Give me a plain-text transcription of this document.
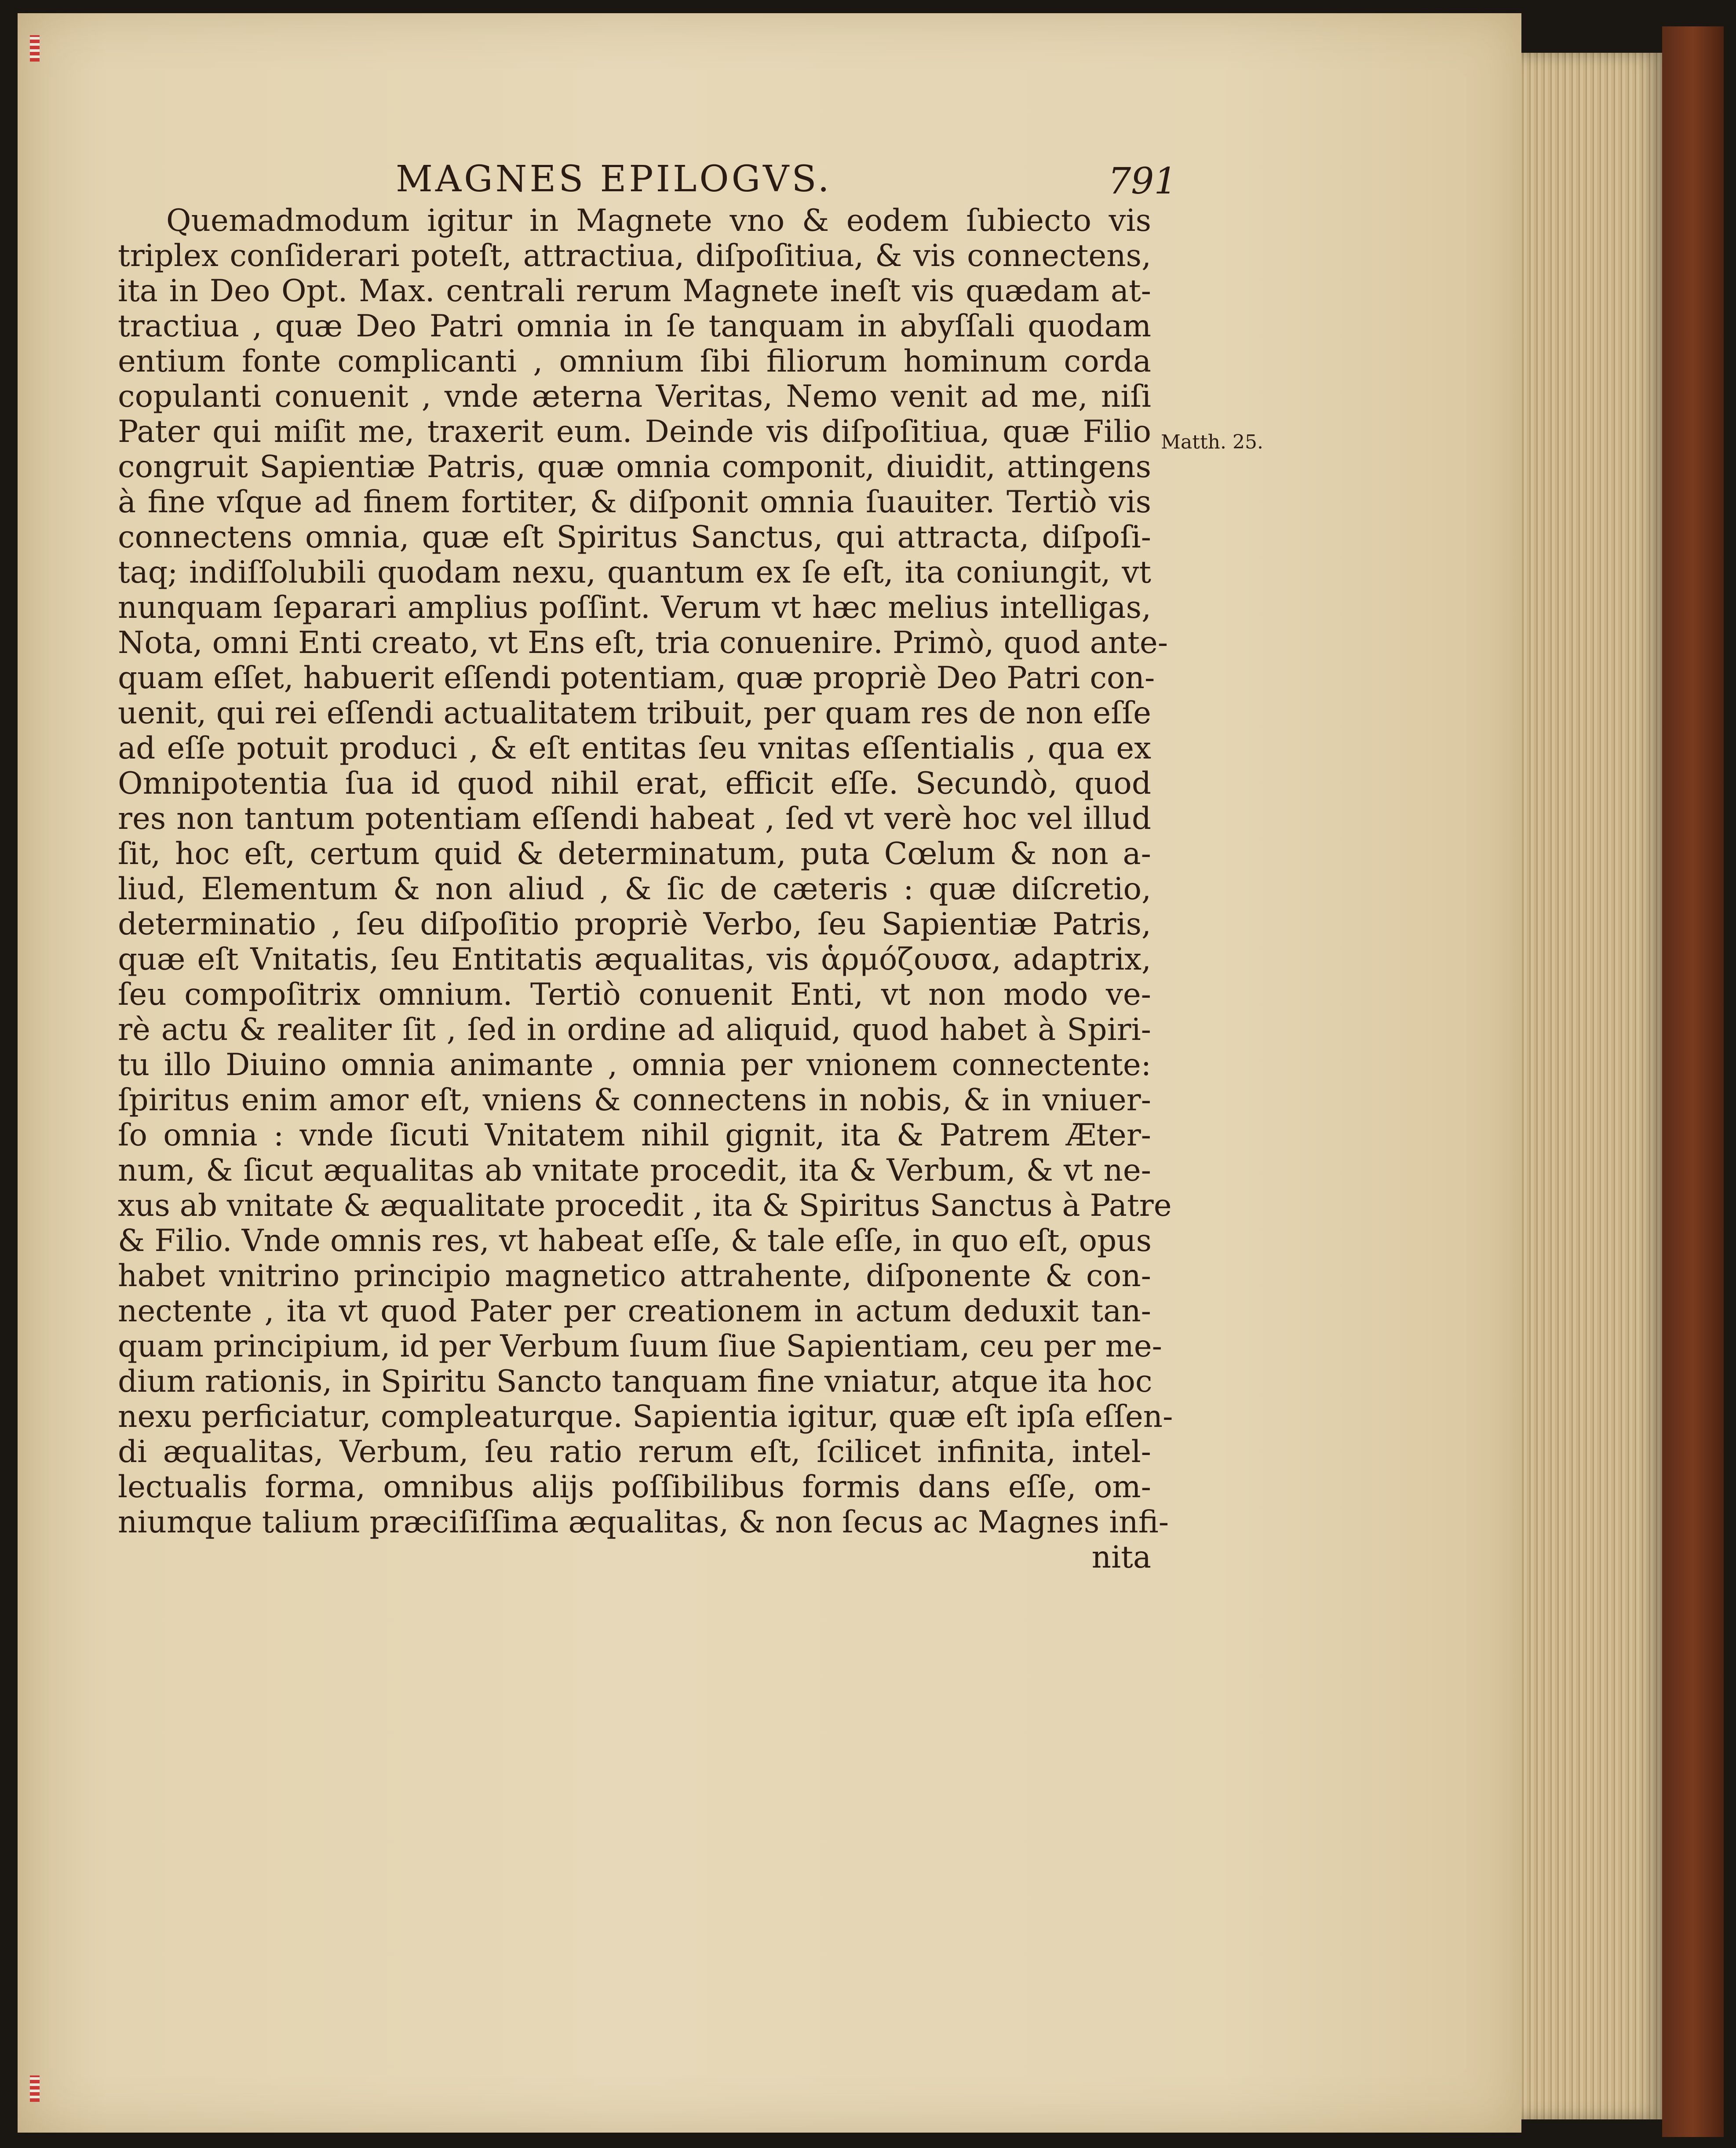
MAGNES EPILOGVS.	791
Matth. 25.
Quemadmodum igitur in Magnete vno & eodem ſubiecto vis
triplex conſiderari poteſt, attractiua, diſpoſitiua, & vis connectens,
ita in Deo Opt. Max. centrali rerum Magnete ineſt vis quædam at-
tractiua , quæ Deo Patri omnia in ſe tanquam in abyſſali quodam
entium fonte complicanti , omnium ſibi filiorum hominum corda
copulanti conuenit , vnde æterna Veritas, Nemo venit ad me, niſi
Pater qui miſit me, traxerit eum. Deinde vis diſpoſitiua, quæ Filio
congruit Sapientiæ Patris, quæ omnia componit, diuidit, attingens
à fine vſque ad finem fortiter, & diſponit omnia ſuauiter. Tertiò vis
connectens omnia, quæ eſt Spiritus Sanctus, qui attracta, diſpoſi-
taq; indiſſolubili quodam nexu, quantum ex ſe eſt, ita coniungit, vt
nunquam ſeparari amplius poſſint. Verum vt hæc melius intelligas,
Nota, omni Enti creato, vt Ens eſt, tria conuenire. Primò, quod ante-
quam eſſet, habuerit eſſendi potentiam, quæ propriè Deo Patri con-
uenit, qui rei eſſendi actualitatem tribuit, per quam res de non eſſe
ad eſſe potuit produci , & eſt entitas ſeu vnitas eſſentialis , qua ex
Omnipotentia ſua id quod nihil erat, efficit eſſe. Secundò, quod
res non tantum potentiam eſſendi habeat , ſed vt verè hoc vel illud
ſit, hoc eſt, certum quid & determinatum, puta Cœlum & non a-
liud, Elementum & non aliud , & ſic de cæteris : quæ diſcretio,
determinatio , ſeu diſpoſitio propriè Verbo, ſeu Sapientiæ Patris,
quæ eſt Vnitatis, ſeu Entitatis æqualitas, vis ἁρμόζουσα, adaptrix,
ſeu compoſitrix omnium. Tertiò conuenit Enti, vt non modo ve-
rè actu & realiter ſit , ſed in ordine ad aliquid, quod habet à Spiri-
tu illo Diuino omnia animante , omnia per vnionem connectente:
ſpiritus enim amor eſt, vniens & connectens in nobis, & in vniuer-
ſo omnia : vnde ſicuti Vnitatem nihil gignit, ita & Patrem Æter-
num, & ſicut æqualitas ab vnitate procedit, ita & Verbum, & vt ne-
xus ab vnitate & æqualitate procedit , ita & Spiritus Sanctus à Patre
& Filio. Vnde omnis res, vt habeat eſſe, & tale eſſe, in quo eſt, opus
habet vnitrino principio magnetico attrahente, diſponente & con-
nectente , ita vt quod Pater per creationem in actum deduxit tan-
quam principium, id per Verbum ſuum ſiue Sapientiam, ceu per me-
dium rationis, in Spiritu Sancto tanquam fine vniatur, atque ita hoc
nexu perficiatur, compleaturque. Sapientia igitur, quæ eſt ipſa eſſen-
di æqualitas, Verbum, ſeu ratio rerum eſt, ſcilicet infinita, intel-
lectualis forma, omnibus alijs poſſibilibus formis dans eſſe, om-
niumque talium præciſiſſima æqualitas, & non ſecus ac Magnes infi-
nita
